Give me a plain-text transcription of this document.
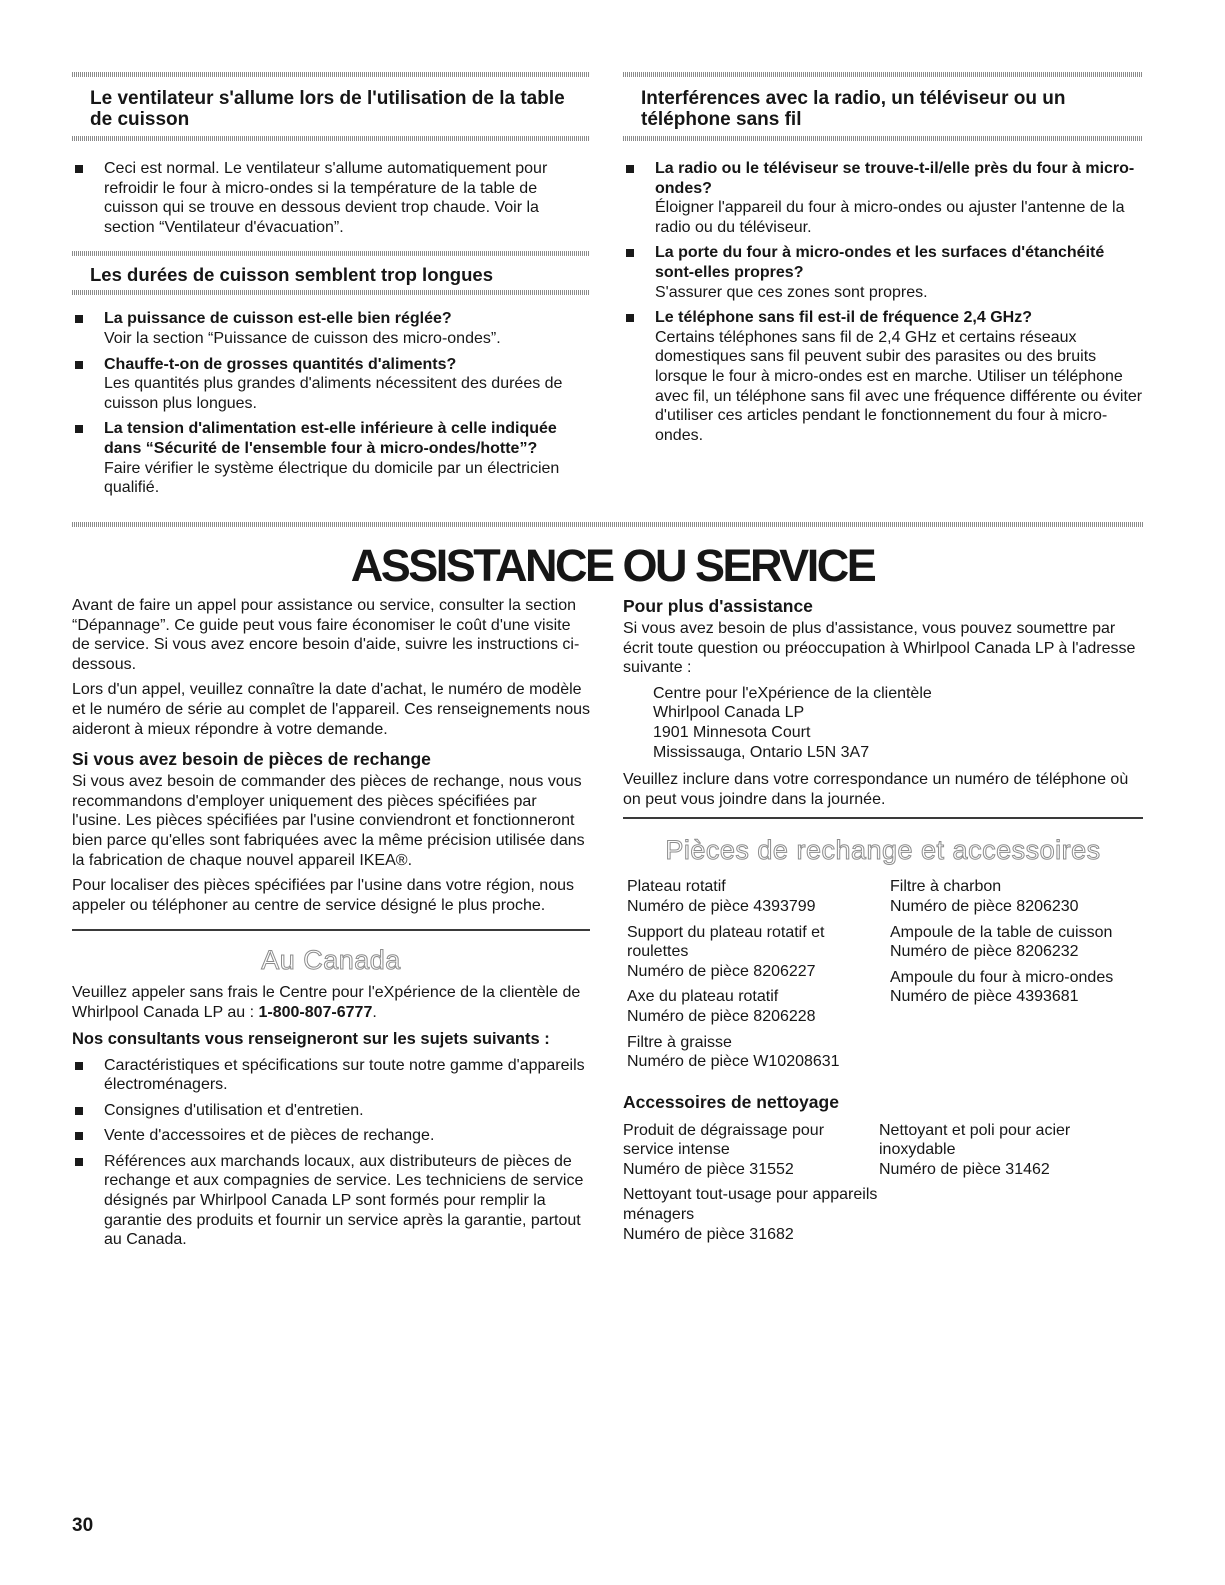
Le ventilateur s'allume lors de l'utilisation de la table de cuisson
Ceci est normal. Le ventilateur s'allume automatiquement pour refroidir le four à micro-ondes si la température de la table de cuisson qui se trouve en dessous devient trop chaude. Voir la section “Ventilateur d'évacuation”.
Les durées de cuisson semblent trop longues
La puissance de cuisson est-elle bien réglée?
Voir la section “Puissance de cuisson des micro-ondes”.
Chauffe-t-on de grosses quantités d'aliments?
Les quantités plus grandes d'aliments nécessitent des durées de cuisson plus longues.
La tension d'alimentation est-elle inférieure à celle indiquée dans “Sécurité de l'ensemble four à micro-ondes/hotte”?
Faire vérifier le système électrique du domicile par un électricien qualifié.
Interférences avec la radio, un téléviseur ou un téléphone sans fil
La radio ou le téléviseur se trouve-t-il/elle près du four à micro-ondes?
Éloigner l'appareil du four à micro-ondes ou ajuster l'antenne de la radio ou du téléviseur.
La porte du four à micro-ondes et les surfaces d'étanchéité sont-elles propres?
S'assurer que ces zones sont propres.
Le téléphone sans fil est-il de fréquence 2,4 GHz?
Certains téléphones sans fil de 2,4 GHz et certains réseaux domestiques sans fil peuvent subir des parasites ou des bruits lorsque le four à micro-ondes est en marche. Utiliser un téléphone avec fil, un téléphone sans fil avec une fréquence différente ou éviter d'utiliser ces articles pendant le fonctionnement du four à micro-ondes.
ASSISTANCE OU SERVICE

Avant de faire un appel pour assistance ou service, consulter la section “Dépannage”. Ce guide peut vous faire économiser le coût d'une visite de service. Si vous avez encore besoin d'aide, suivre les instructions ci-dessous.

Lors d'un appel, veuillez connaître la date d'achat, le numéro de modèle et le numéro de série au complet de l'appareil. Ces renseignements nous aideront à mieux répondre à votre demande.

Si vous avez besoin de pièces de rechange

Si vous avez besoin de commander des pièces de rechange, nous vous recommandons d'employer uniquement des pièces spécifiées par l'usine. Les pièces spécifiées par l'usine conviendront et fonctionneront bien parce qu'elles sont fabriquées avec la même précision utilisée dans la fabrication de chaque nouvel appareil IKEA®.

Pour localiser des pièces spécifiées par l'usine dans votre région, nous appeler ou téléphoner au centre de service désigné le plus proche.

Au Canada

Veuillez appeler sans frais le Centre pour l'eXpérience de la clientèle de Whirlpool Canada LP au : 1-800-807-6777.

Nos consultants vous renseigneront sur les sujets suivants :
Caractéristiques et spécifications sur toute notre gamme d'appareils électroménagers.
Consignes d'utilisation et d'entretien.
Vente d'accessoires et de pièces de rechange.
Références aux marchands locaux, aux distributeurs de pièces de rechange et aux compagnies de service. Les techniciens de service désignés par Whirlpool Canada LP sont formés pour remplir la garantie des produits et fournir un service après la garantie, partout au Canada.
Pour plus d'assistance

Si vous avez besoin de plus d'assistance, vous pouvez soumettre par écrit toute question ou préoccupation à Whirlpool Canada LP à l'adresse suivante :

Centre pour l'eXpérience de la clientèle
Whirlpool Canada LP
1901 Minnesota Court
Mississauga, Ontario L5N 3A7

Veuillez inclure dans votre correspondance un numéro de téléphone où on peut vous joindre dans la journée.

Pièces de rechange et accessoires
Plateau rotatif
Numéro de pièce 4393799
Support du plateau rotatif et roulettes
Numéro de pièce 8206227
Axe du plateau rotatif
Numéro de pièce 8206228
Filtre à graisse
Numéro de pièce W10208631
Filtre à charbon
Numéro de pièce 8206230
Ampoule de la table de cuisson
Numéro de pièce 8206232
Ampoule du four à micro-ondes
Numéro de pièce 4393681
Accessoires de nettoyage
Produit de dégraissage pour service intense
Numéro de pièce 31552
Nettoyant tout-usage pour appareils ménagers
Numéro de pièce 31682
Nettoyant et poli pour acier inoxydable
Numéro de pièce 31462
30
